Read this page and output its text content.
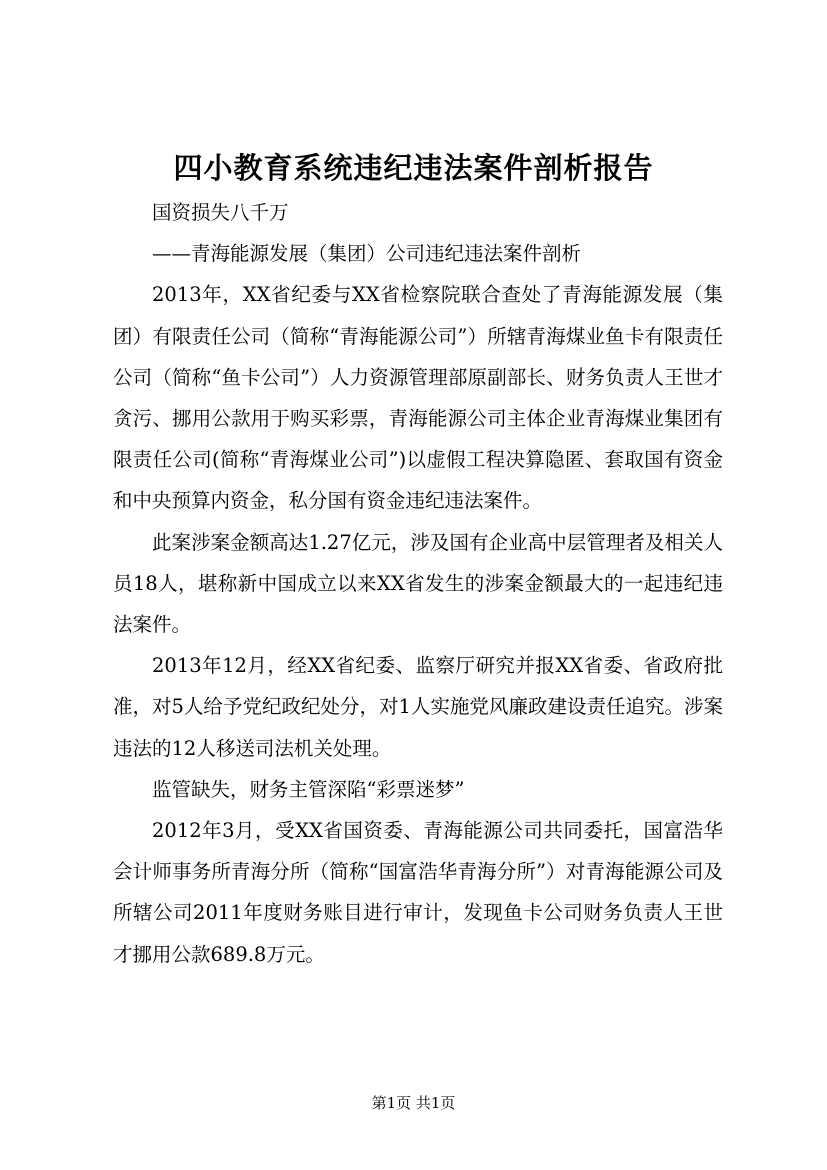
四小教育系统违纪违法案件剖析报告

国资损失八千万

——青海能源发展（集团）公司违纪违法案件剖析

2013年，XX省纪委与XX省检察院联合查处了青海能源发展（集团）有限责任公司（简称“青海能源公司”）所辖青海煤业鱼卡有限责任公司（简称“鱼卡公司”）人力资源管理部原副部长、财务负责人王世才贪污、挪用公款用于购买彩票，青海能源公司主体企业青海煤业集团有限责任公司(简称“青海煤业公司”)以虚假工程决算隐匿、套取国有资金和中央预算内资金，私分国有资金违纪违法案件。

此案涉案金额高达1.27亿元，涉及国有企业高中层管理者及相关人员18人，堪称新中国成立以来XX省发生的涉案金额最大的一起违纪违法案件。

2013年12月，经XX省纪委、监察厅研究并报XX省委、省政府批准，对5人给予党纪政纪处分，对1人实施党风廉政建设责任追究。涉案违法的12人移送司法机关处理。

监管缺失，财务主管深陷“彩票迷梦”

2012年3月，受XX省国资委、青海能源公司共同委托，国富浩华会计师事务所青海分所（简称“国富浩华青海分所”）对青海能源公司及所辖公司2011年度财务账目进行审计，发现鱼卡公司财务负责人王世才挪用公款689.8万元。

第1页 共1页
